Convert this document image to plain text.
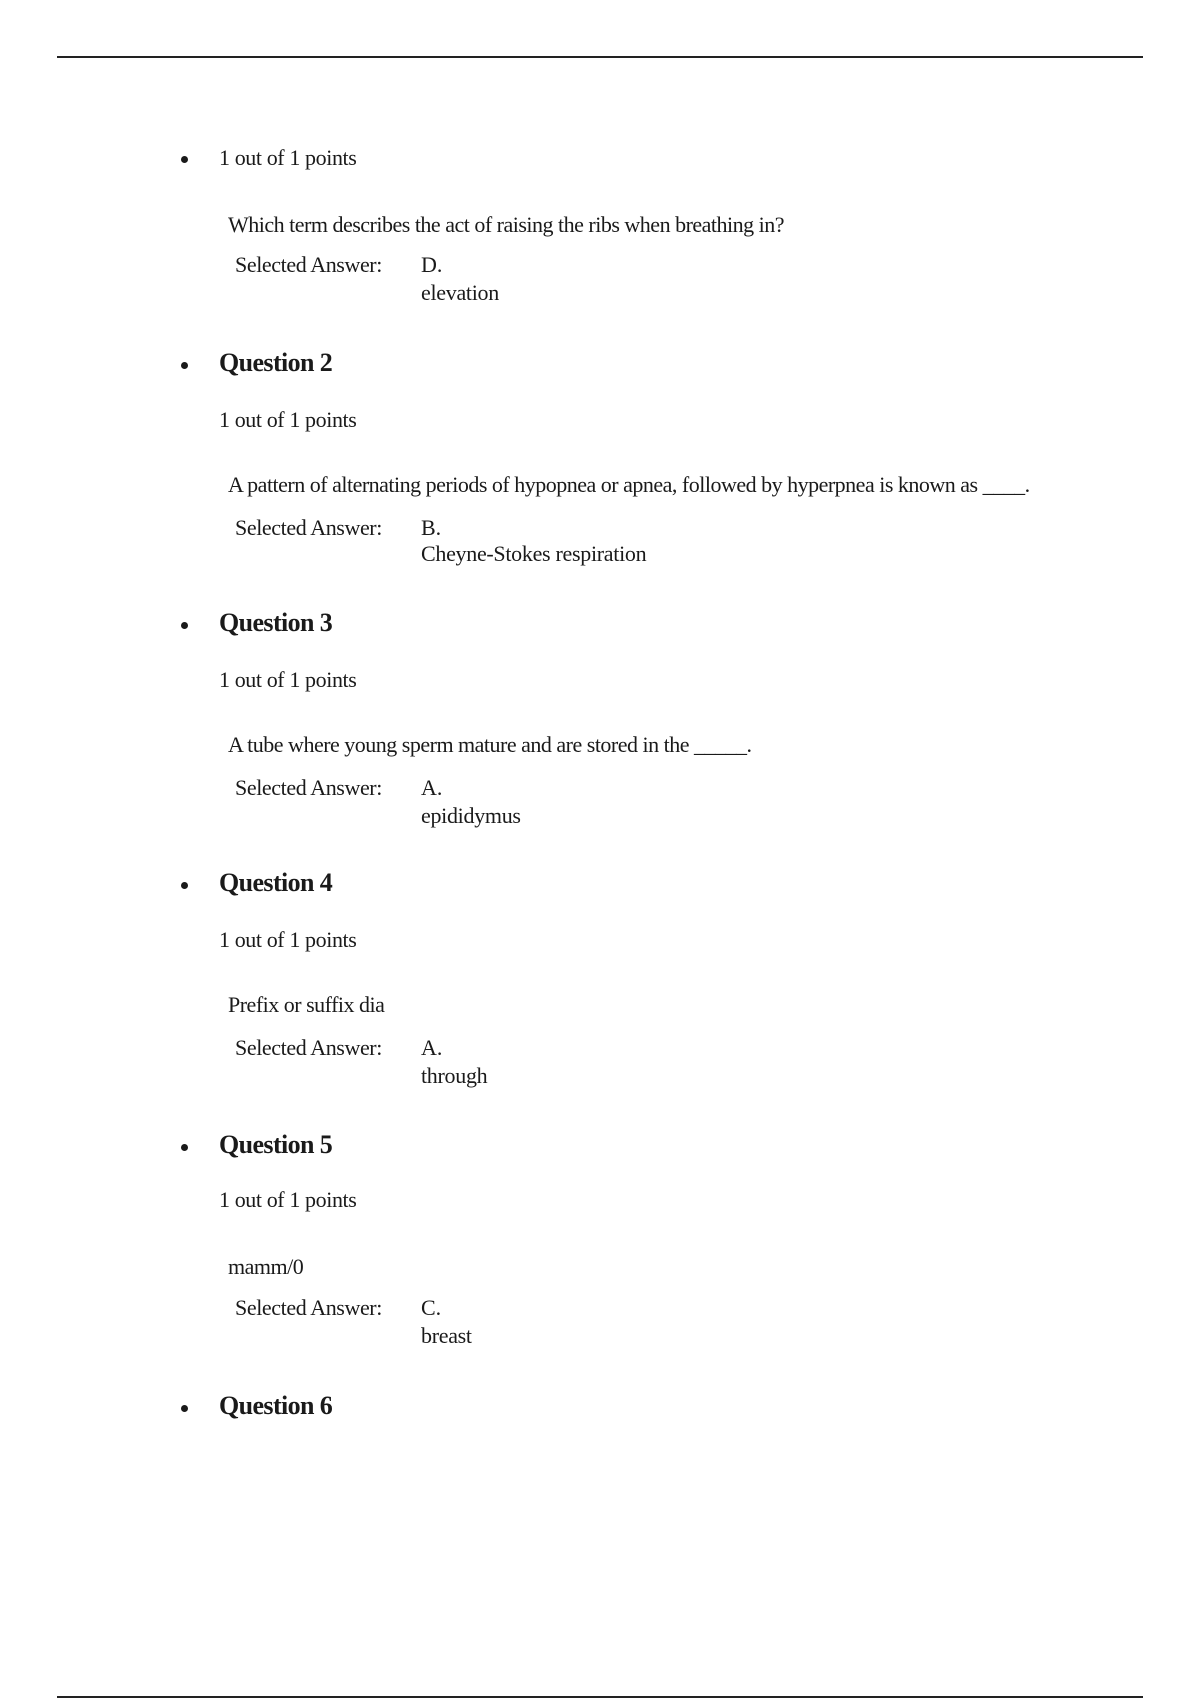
1 out of 1 points
Which term describes the act of raising the ribs when breathing in?
Selected Answer: D.
elevation
Question 2
1 out of 1 points
A pattern of alternating periods of hypopnea or apnea, followed by hyperpnea is known as ____.
Selected Answer: B.
Cheyne-Stokes respiration
Question 3
1 out of 1 points
A tube where young sperm mature and are stored in the _____.
Selected Answer: A.
epididymus
Question 4
1 out of 1 points
Prefix or suffix dia
Selected Answer: A.
through
Question 5
1 out of 1 points
mamm/0
Selected Answer: C.
breast
Question 6
